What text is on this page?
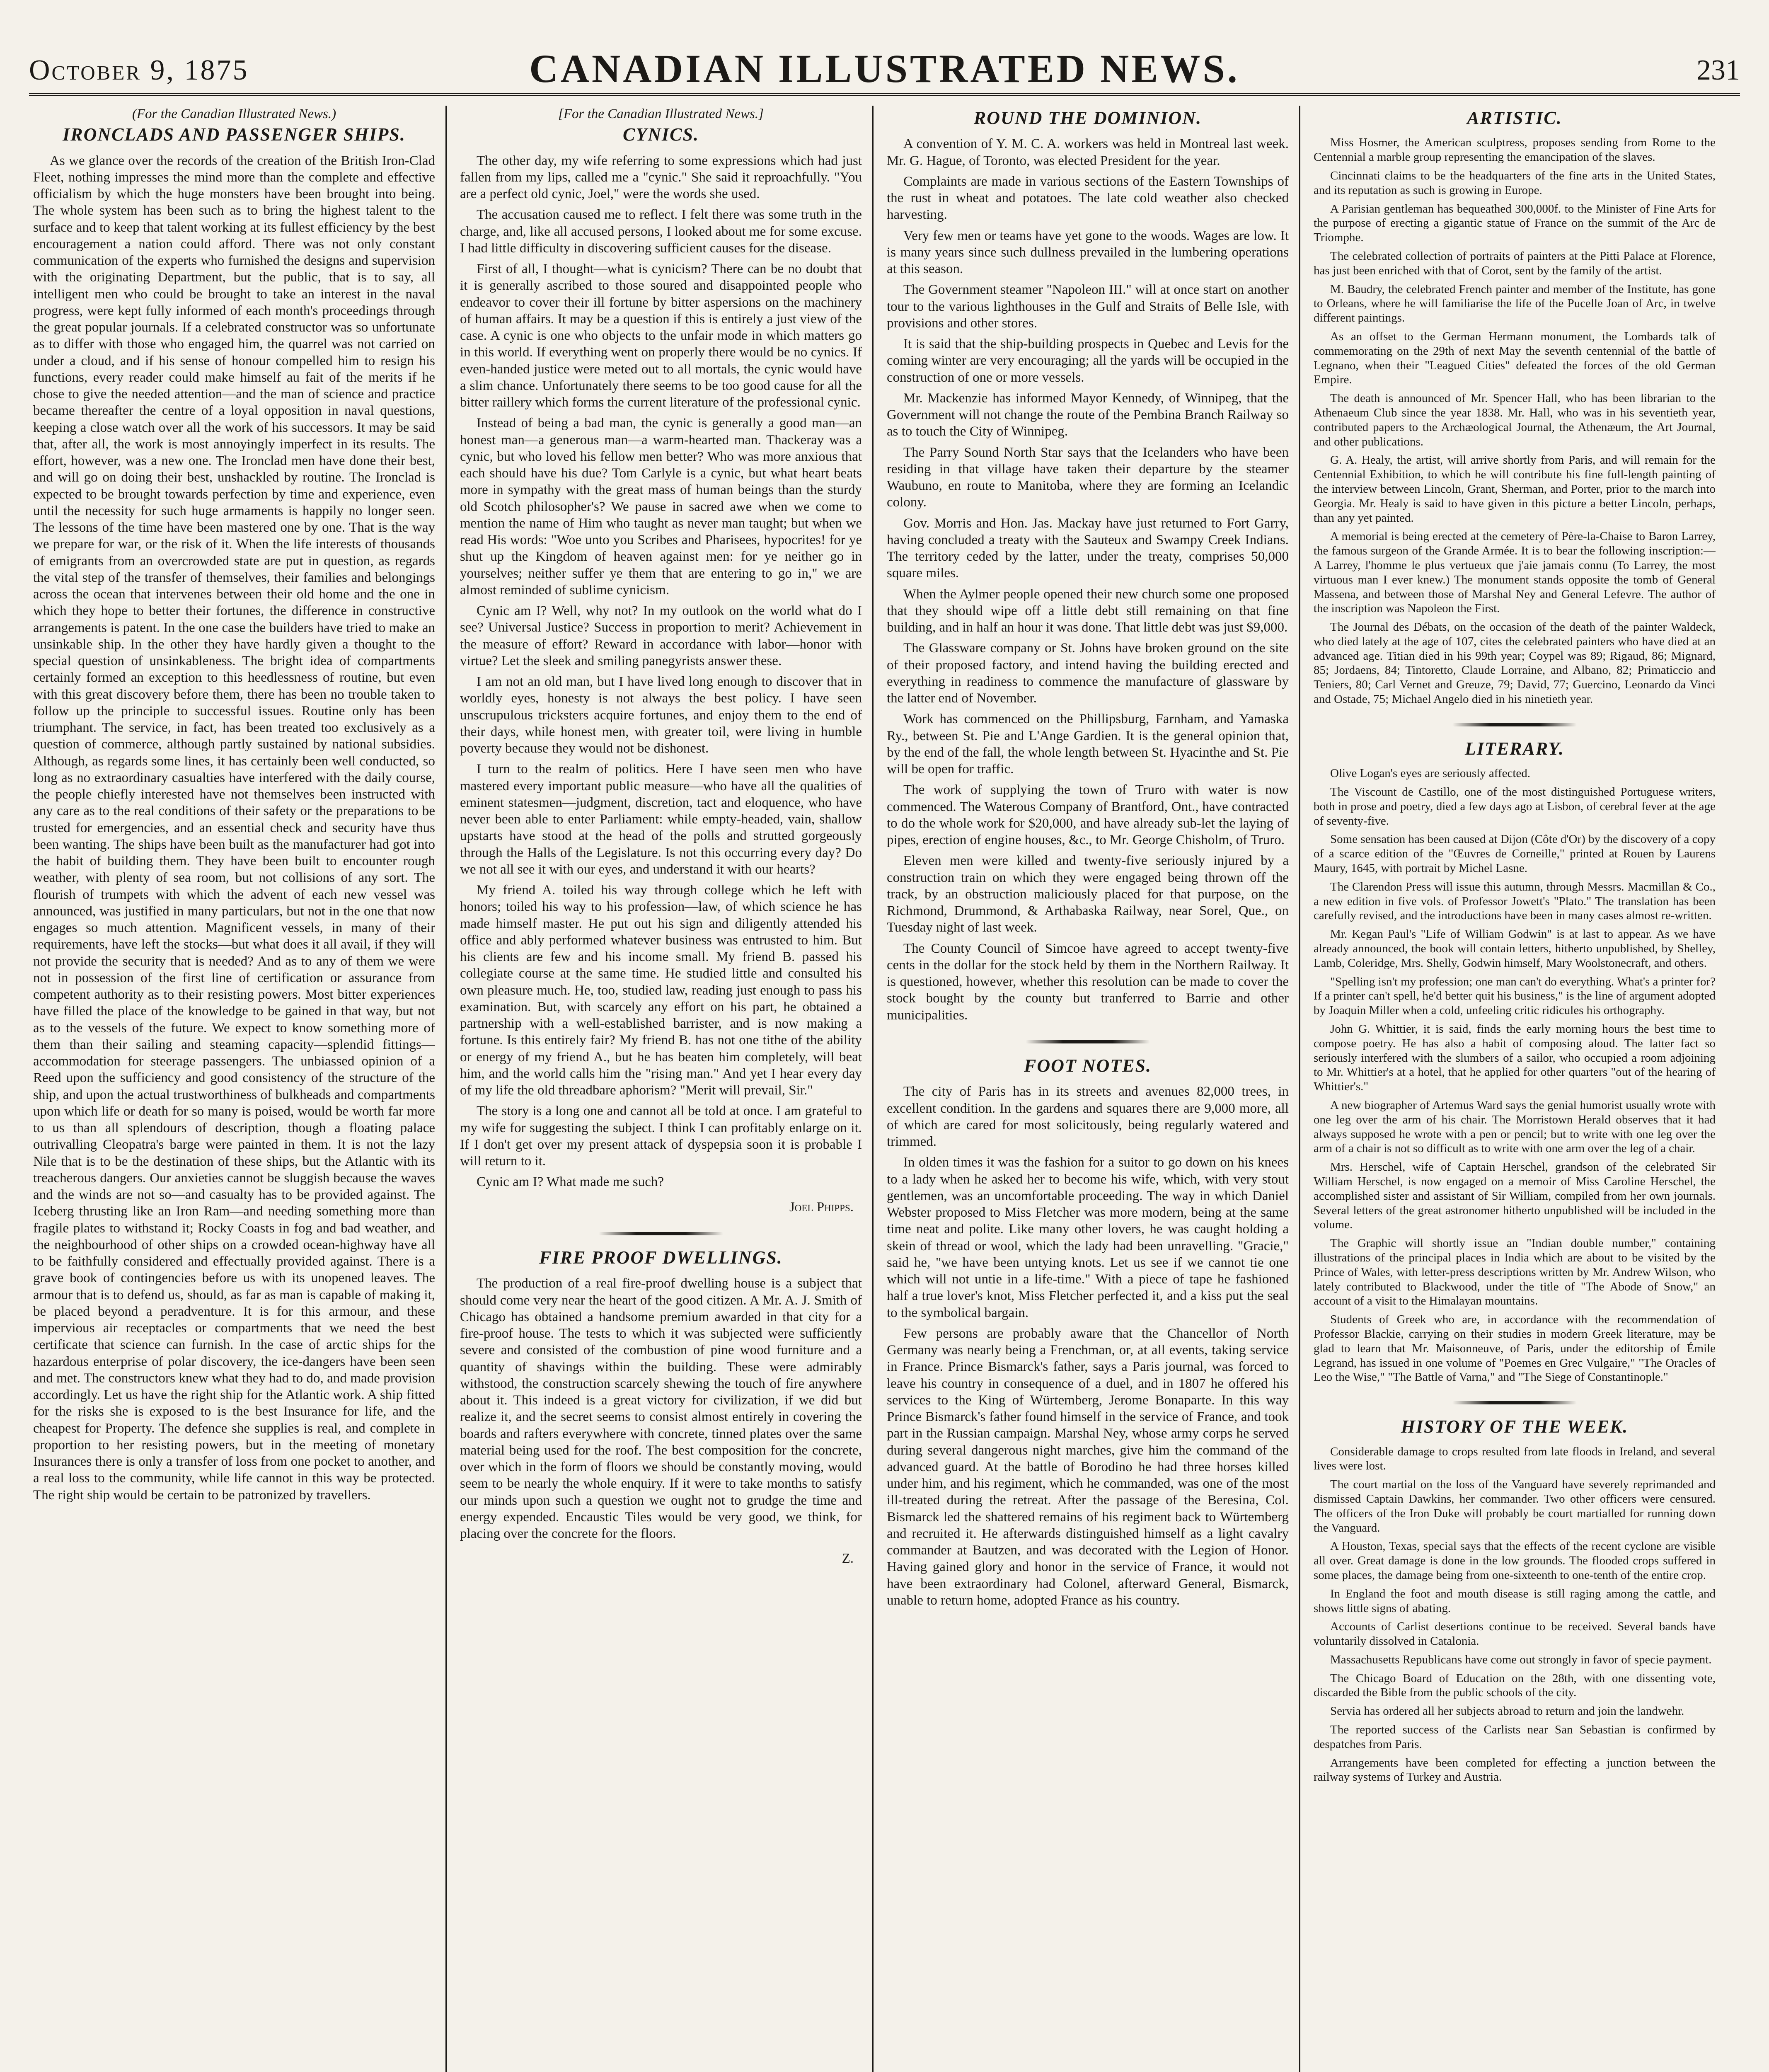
October 9, 1875	CANADIAN ILLUSTRATED NEWS.	231
(For the Canadian Illustrated News.)
IRONCLADS AND PASSENGER SHIPS.

As we glance over the records of the creation of the British Iron-Clad Fleet, nothing impresses the mind more than the complete and effective officialism by which the huge monsters have been brought into being. The whole system has been such as to bring the highest talent to the surface and to keep that talent working at its fullest efficiency by the best encouragement a nation could afford. There was not only constant communication of the experts who furnished the designs and supervision with the originating Department, but the public, that is to say, all intelligent men who could be brought to take an interest in the naval progress, were kept fully informed of each month's proceedings through the great popular journals. If a celebrated constructor was so unfortunate as to differ with those who engaged him, the quarrel was not carried on under a cloud, and if his sense of honour compelled him to resign his functions, every reader could make himself au fait of the merits if he chose to give the needed attention—and the man of science and practice became thereafter the centre of a loyal opposition in naval questions, keeping a close watch over all the work of his successors. It may be said that, after all, the work is most annoyingly imperfect in its results. The effort, however, was a new one. The Ironclad men have done their best, and will go on doing their best, unshackled by routine. The Ironclad is expected to be brought towards perfection by time and experience, even until the necessity for such huge armaments is happily no longer seen. The lessons of the time have been mastered one by one. That is the way we prepare for war, or the risk of it. When the life interests of thousands of emigrants from an overcrowded state are put in question, as regards the vital step of the transfer of themselves, their families and belongings across the ocean that intervenes between their old home and the one in which they hope to better their fortunes, the difference in constructive arrangements is patent. In the one case the builders have tried to make an unsinkable ship. In the other they have hardly given a thought to the special question of unsinkableness. The bright idea of compartments certainly formed an exception to this heedlessness of routine, but even with this great discovery before them, there has been no trouble taken to follow up the principle to successful issues. Routine only has been triumphant. The service, in fact, has been treated too exclusively as a question of commerce, although partly sustained by national subsidies. Although, as regards some lines, it has certainly been well conducted, so long as no extraordinary casualties have interfered with the daily course, the people chiefly interested have not themselves been instructed with any care as to the real conditions of their safety or the preparations to be trusted for emergencies, and an essential check and security have thus been wanting. The ships have been built as the manufacturer had got into the habit of building them. They have been built to encounter rough weather, with plenty of sea room, but not collisions of any sort. The flourish of trumpets with which the advent of each new vessel was announced, was justified in many particulars, but not in the one that now engages so much attention. Magnificent vessels, in many of their requirements, have left the stocks—but what does it all avail, if they will not provide the security that is needed? And as to any of them we were not in possession of the first line of certification or assurance from competent authority as to their resisting powers. Most bitter experiences have filled the place of the knowledge to be gained in that way, but not as to the vessels of the future. We expect to know something more of them than their sailing and steaming capacity—splendid fittings—accommodation for steerage passengers. The unbiassed opinion of a Reed upon the sufficiency and good consistency of the structure of the ship, and upon the actual trustworthiness of bulkheads and compartments upon which life or death for so many is poised, would be worth far more to us than all splendours of description, though a floating palace outrivalling Cleopatra's barge were painted in them. It is not the lazy Nile that is to be the destination of these ships, but the Atlantic with its treacherous dangers. Our anxieties cannot be sluggish because the waves and the winds are not so—and casualty has to be provided against. The Iceberg thrusting like an Iron Ram—and needing something more than fragile plates to withstand it; Rocky Coasts in fog and bad weather, and the neighbourhood of other ships on a crowded ocean-highway have all to be faithfully considered and effectually provided against. There is a grave book of contingencies before us with its unopened leaves. The armour that is to defend us, should, as far as man is capable of making it, be placed beyond a peradventure. It is for this armour, and these impervious air receptacles or compartments that we need the best certificate that science can furnish. In the case of arctic ships for the hazardous enterprise of polar discovery, the ice-dangers have been seen and met. The constructors knew what they had to do, and made provision accordingly. Let us have the right ship for the Atlantic work. A ship fitted for the risks she is exposed to is the best Insurance for life, and the cheapest for Property. The defence she supplies is real, and complete in proportion to her resisting powers, but in the meeting of monetary Insurances there is only a transfer of loss from one pocket to another, and a real loss to the community, while life cannot in this way be protected. The right ship would be certain to be patronized by travellers.

[For the Canadian Illustrated News.]
CYNICS.

The other day, my wife referring to some expressions which had just fallen from my lips, called me a "cynic." She said it reproachfully. "You are a perfect old cynic, Joel," were the words she used.

The accusation caused me to reflect. I felt there was some truth in the charge, and, like all accused persons, I looked about me for some excuse. I had little difficulty in discovering sufficient causes for the disease.

First of all, I thought—what is cynicism? There can be no doubt that it is generally ascribed to those soured and disappointed people who endeavor to cover their ill fortune by bitter aspersions on the machinery of human affairs. It may be a question if this is entirely a just view of the case. A cynic is one who objects to the unfair mode in which matters go in this world. If everything went on properly there would be no cynics. If even-handed justice were meted out to all mortals, the cynic would have a slim chance. Unfortunately there seems to be too good cause for all the bitter raillery which forms the current literature of the professional cynic.

Instead of being a bad man, the cynic is generally a good man—an honest man—a generous man—a warm-hearted man. Thackeray was a cynic, but who loved his fellow men better? Who was more anxious that each should have his due? Tom Carlyle is a cynic, but what heart beats more in sympathy with the great mass of human beings than the sturdy old Scotch philosopher's? We pause in sacred awe when we come to mention the name of Him who taught as never man taught; but when we read His words: "Woe unto you Scribes and Pharisees, hypocrites! for ye shut up the Kingdom of heaven against men: for ye neither go in yourselves; neither suffer ye them that are entering to go in," we are almost reminded of sublime cynicism.

Cynic am I? Well, why not? In my outlook on the world what do I see? Universal Justice? Success in proportion to merit? Achievement in the measure of effort? Reward in accordance with labor—honor with virtue? Let the sleek and smiling panegyrists answer these.

I am not an old man, but I have lived long enough to discover that in worldly eyes, honesty is not always the best policy. I have seen unscrupulous tricksters acquire fortunes, and enjoy them to the end of their days, while honest men, with greater toil, were living in humble poverty because they would not be dishonest.

I turn to the realm of politics. Here I have seen men who have mastered every important public measure—who have all the qualities of eminent statesmen—judgment, discretion, tact and eloquence, who have never been able to enter Parliament: while empty-headed, vain, shallow upstarts have stood at the head of the polls and strutted gorgeously through the Halls of the Legislature. Is not this occurring every day? Do we not all see it with our eyes, and understand it with our hearts?

My friend A. toiled his way through college which he left with honors; toiled his way to his profession—law, of which science he has made himself master. He put out his sign and diligently attended his office and ably performed whatever business was entrusted to him. But his clients are few and his income small. My friend B. passed his collegiate course at the same time. He studied little and consulted his own pleasure much. He, too, studied law, reading just enough to pass his examination. But, with scarcely any effort on his part, he obtained a partnership with a well-established barrister, and is now making a fortune. Is this entirely fair? My friend B. has not one tithe of the ability or energy of my friend A., but he has beaten him completely, will beat him, and the world calls him the "rising man." And yet I hear every day of my life the old threadbare aphorism? "Merit will prevail, Sir."

The story is a long one and cannot all be told at once. I am grateful to my wife for suggesting the subject. I think I can profitably enlarge on it. If I don't get over my present attack of dyspepsia soon it is probable I will return to it.

Cynic am I? What made me such?

Joel Phipps.

FIRE PROOF DWELLINGS.

The production of a real fire-proof dwelling house is a subject that should come very near the heart of the good citizen. A Mr. A. J. Smith of Chicago has obtained a handsome premium awarded in that city for a fire-proof house. The tests to which it was subjected were sufficiently severe and consisted of the combustion of pine wood furniture and a quantity of shavings within the building. These were admirably withstood, the construction scarcely shewing the touch of fire anywhere about it. This indeed is a great victory for civilization, if we did but realize it, and the secret seems to consist almost entirely in covering the boards and rafters everywhere with concrete, tinned plates over the same material being used for the roof. The best composition for the concrete, over which in the form of floors we should be constantly moving, would seem to be nearly the whole enquiry. If it were to take months to satisfy our minds upon such a question we ought not to grudge the time and energy expended. Encaustic Tiles would be very good, we think, for placing over the concrete for the floors.

Z.

ROUND THE DOMINION.

A convention of Y. M. C. A. workers was held in Montreal last week. Mr. G. Hague, of Toronto, was elected President for the year.

Complaints are made in various sections of the Eastern Townships of the rust in wheat and potatoes. The late cold weather also checked harvesting.

Very few men or teams have yet gone to the woods. Wages are low. It is many years since such dullness prevailed in the lumbering operations at this season.

The Government steamer "Napoleon III." will at once start on another tour to the various lighthouses in the Gulf and Straits of Belle Isle, with provisions and other stores.

It is said that the ship-building prospects in Quebec and Levis for the coming winter are very encouraging; all the yards will be occupied in the construction of one or more vessels.

Mr. Mackenzie has informed Mayor Kennedy, of Winnipeg, that the Government will not change the route of the Pembina Branch Railway so as to touch the City of Winnipeg.

The Parry Sound North Star says that the Icelanders who have been residing in that village have taken their departure by the steamer Waubuno, en route to Manitoba, where they are forming an Icelandic colony.

Gov. Morris and Hon. Jas. Mackay have just returned to Fort Garry, having concluded a treaty with the Sauteux and Swampy Creek Indians. The territory ceded by the latter, under the treaty, comprises 50,000 square miles.

When the Aylmer people opened their new church some one proposed that they should wipe off a little debt still remaining on that fine building, and in half an hour it was done. That little debt was just $9,000.

The Glassware company or St. Johns have broken ground on the site of their proposed factory, and intend having the building erected and everything in readiness to commence the manufacture of glassware by the latter end of November.

Work has commenced on the Phillipsburg, Farnham, and Yamaska Ry., between St. Pie and L'Ange Gardien. It is the general opinion that, by the end of the fall, the whole length between St. Hyacinthe and St. Pie will be open for traffic.

The work of supplying the town of Truro with water is now commenced. The Waterous Company of Brantford, Ont., have contracted to do the whole work for $20,000, and have already sub-let the laying of pipes, erection of engine houses, &c., to Mr. George Chisholm, of Truro.

Eleven men were killed and twenty-five seriously injured by a construction train on which they were engaged being thrown off the track, by an obstruction maliciously placed for that purpose, on the Richmond, Drummond, & Arthabaska Railway, near Sorel, Que., on Tuesday night of last week.

The County Council of Simcoe have agreed to accept twenty-five cents in the dollar for the stock held by them in the Northern Railway. It is questioned, however, whether this resolution can be made to cover the stock bought by the county but tranferred to Barrie and other municipalities.

FOOT NOTES.

The city of Paris has in its streets and avenues 82,000 trees, in excellent condition. In the gardens and squares there are 9,000 more, all of which are cared for most solicitously, being regularly watered and trimmed.

In olden times it was the fashion for a suitor to go down on his knees to a lady when he asked her to become his wife, which, with very stout gentlemen, was an uncomfortable proceeding. The way in which Daniel Webster proposed to Miss Fletcher was more modern, being at the same time neat and polite. Like many other lovers, he was caught holding a skein of thread or wool, which the lady had been unravelling. "Gracie," said he, "we have been untying knots. Let us see if we cannot tie one which will not untie in a life-time." With a piece of tape he fashioned half a true lover's knot, Miss Fletcher perfected it, and a kiss put the seal to the symbolical bargain.

Few persons are probably aware that the Chancellor of North Germany was nearly being a Frenchman, or, at all events, taking service in France. Prince Bismarck's father, says a Paris journal, was forced to leave his country in consequence of a duel, and in 1807 he offered his services to the King of Würtemberg, Jerome Bonaparte. In this way Prince Bismarck's father found himself in the service of France, and took part in the Russian campaign. Marshal Ney, whose army corps he served during several dangerous night marches, give him the command of the advanced guard. At the battle of Borodino he had three horses killed under him, and his regiment, which he commanded, was one of the most ill-treated during the retreat. After the passage of the Beresina, Col. Bismarck led the shattered remains of his regiment back to Würtemberg and recruited it. He afterwards distinguished himself as a light cavalry commander at Bautzen, and was decorated with the Legion of Honor. Having gained glory and honor in the service of France, it would not have been extraordinary had Colonel, afterward General, Bismarck, unable to return home, adopted France as his country.

ARTISTIC.

Miss Hosmer, the American sculptress, proposes sending from Rome to the Centennial a marble group representing the emancipation of the slaves.

Cincinnati claims to be the headquarters of the fine arts in the United States, and its reputation as such is growing in Europe.

A Parisian gentleman has bequeathed 300,000f. to the Minister of Fine Arts for the purpose of erecting a gigantic statue of France on the summit of the Arc de Triomphe.

The celebrated collection of portraits of painters at the Pitti Palace at Florence, has just been enriched with that of Corot, sent by the family of the artist.

M. Baudry, the celebrated French painter and member of the Institute, has gone to Orleans, where he will familiarise the life of the Pucelle Joan of Arc, in twelve different paintings.

As an offset to the German Hermann monument, the Lombards talk of commemorating on the 29th of next May the seventh centennial of the battle of Legnano, when their "Leagued Cities" defeated the forces of the old German Empire.

The death is announced of Mr. Spencer Hall, who has been librarian to the Athenaeum Club since the year 1838. Mr. Hall, who was in his seventieth year, contributed papers to the Archæological Journal, the Athenæum, the Art Journal, and other publications.

G. A. Healy, the artist, will arrive shortly from Paris, and will remain for the Centennial Exhibition, to which he will contribute his fine full-length painting of the interview between Lincoln, Grant, Sherman, and Porter, prior to the march into Georgia. Mr. Healy is said to have given in this picture a better Lincoln, perhaps, than any yet painted.

A memorial is being erected at the cemetery of Père-la-Chaise to Baron Larrey, the famous surgeon of the Grande Armée. It is to bear the following inscription:—A Larrey, l'homme le plus vertueux que j'aie jamais connu (To Larrey, the most virtuous man I ever knew.) The monument stands opposite the tomb of General Massena, and between those of Marshal Ney and General Lefevre. The author of the inscription was Napoleon the First.

The Journal des Débats, on the occasion of the death of the painter Waldeck, who died lately at the age of 107, cites the celebrated painters who have died at an advanced age. Titian died in his 99th year; Coypel was 89; Rigaud, 86; Mignard, 85; Jordaens, 84; Tintoretto, Claude Lorraine, and Albano, 82; Primaticcio and Teniers, 80; Carl Vernet and Greuze, 79; David, 77; Guercino, Leonardo da Vinci and Ostade, 75; Michael Angelo died in his ninetieth year.

LITERARY.

Olive Logan's eyes are seriously affected.

The Viscount de Castillo, one of the most distinguished Portuguese writers, both in prose and poetry, died a few days ago at Lisbon, of cerebral fever at the age of seventy-five.

Some sensation has been caused at Dijon (Côte d'Or) by the discovery of a copy of a scarce edition of the "Œuvres de Corneille," printed at Rouen by Laurens Maury, 1645, with portrait by Michel Lasne.

The Clarendon Press will issue this autumn, through Messrs. Macmillan & Co., a new edition in five vols. of Professor Jowett's "Plato." The translation has been carefully revised, and the introductions have been in many cases almost re-written.

Mr. Kegan Paul's "Life of William Godwin" is at last to appear. As we have already announced, the book will contain letters, hitherto unpublished, by Shelley, Lamb, Coleridge, Mrs. Shelly, Godwin himself, Mary Woolstonecraft, and others.

"Spelling isn't my profession; one man can't do everything. What's a printer for? If a printer can't spell, he'd better quit his business," is the line of argument adopted by Joaquin Miller when a cold, unfeeling critic ridicules his orthography.

John G. Whittier, it is said, finds the early morning hours the best time to compose poetry. He has also a habit of composing aloud. The latter fact so seriously interfered with the slumbers of a sailor, who occupied a room adjoining to Mr. Whittier's at a hotel, that he applied for other quarters "out of the hearing of Whittier's."

A new biographer of Artemus Ward says the genial humorist usually wrote with one leg over the arm of his chair. The Morristown Herald observes that it had always supposed he wrote with a pen or pencil; but to write with one leg over the arm of a chair is not so difficult as to write with one arm over the leg of a chair.

Mrs. Herschel, wife of Captain Herschel, grandson of the celebrated Sir William Herschel, is now engaged on a memoir of Miss Caroline Herschel, the accomplished sister and assistant of Sir William, compiled from her own journals. Several letters of the great astronomer hitherto unpublished will be included in the volume.

The Graphic will shortly issue an "Indian double number," containing illustrations of the principal places in India which are about to be visited by the Prince of Wales, with letter-press descriptions written by Mr. Andrew Wilson, who lately contributed to Blackwood, under the title of "The Abode of Snow," an account of a visit to the Himalayan mountains.

Students of Greek who are, in accordance with the recommendation of Professor Blackie, carrying on their studies in modern Greek literature, may be glad to learn that Mr. Maisonneuve, of Paris, under the editorship of Émile Legrand, has issued in one volume of "Poemes en Grec Vulgaire," "The Oracles of Leo the Wise," "The Battle of Varna," and "The Siege of Constantinople."

HISTORY OF THE WEEK.

Considerable damage to crops resulted from late floods in Ireland, and several lives were lost.

The court martial on the loss of the Vanguard have severely reprimanded and dismissed Captain Dawkins, her commander. Two other officers were censured. The officers of the Iron Duke will probably be court martialled for running down the Vanguard.

A Houston, Texas, special says that the effects of the recent cyclone are visible all over. Great damage is done in the low grounds. The flooded crops suffered in some places, the damage being from one-sixteenth to one-tenth of the entire crop.

In England the foot and mouth disease is still raging among the cattle, and shows little signs of abating.

Accounts of Carlist desertions continue to be received. Several bands have voluntarily dissolved in Catalonia.

Massachusetts Republicans have come out strongly in favor of specie payment.

The Chicago Board of Education on the 28th, with one dissenting vote, discarded the Bible from the public schools of the city.

Servia has ordered all her subjects abroad to return and join the landwehr.

The reported success of the Carlists near San Sebastian is confirmed by despatches from Paris.

Arrangements have been completed for effecting a junction between the railway systems of Turkey and Austria.
